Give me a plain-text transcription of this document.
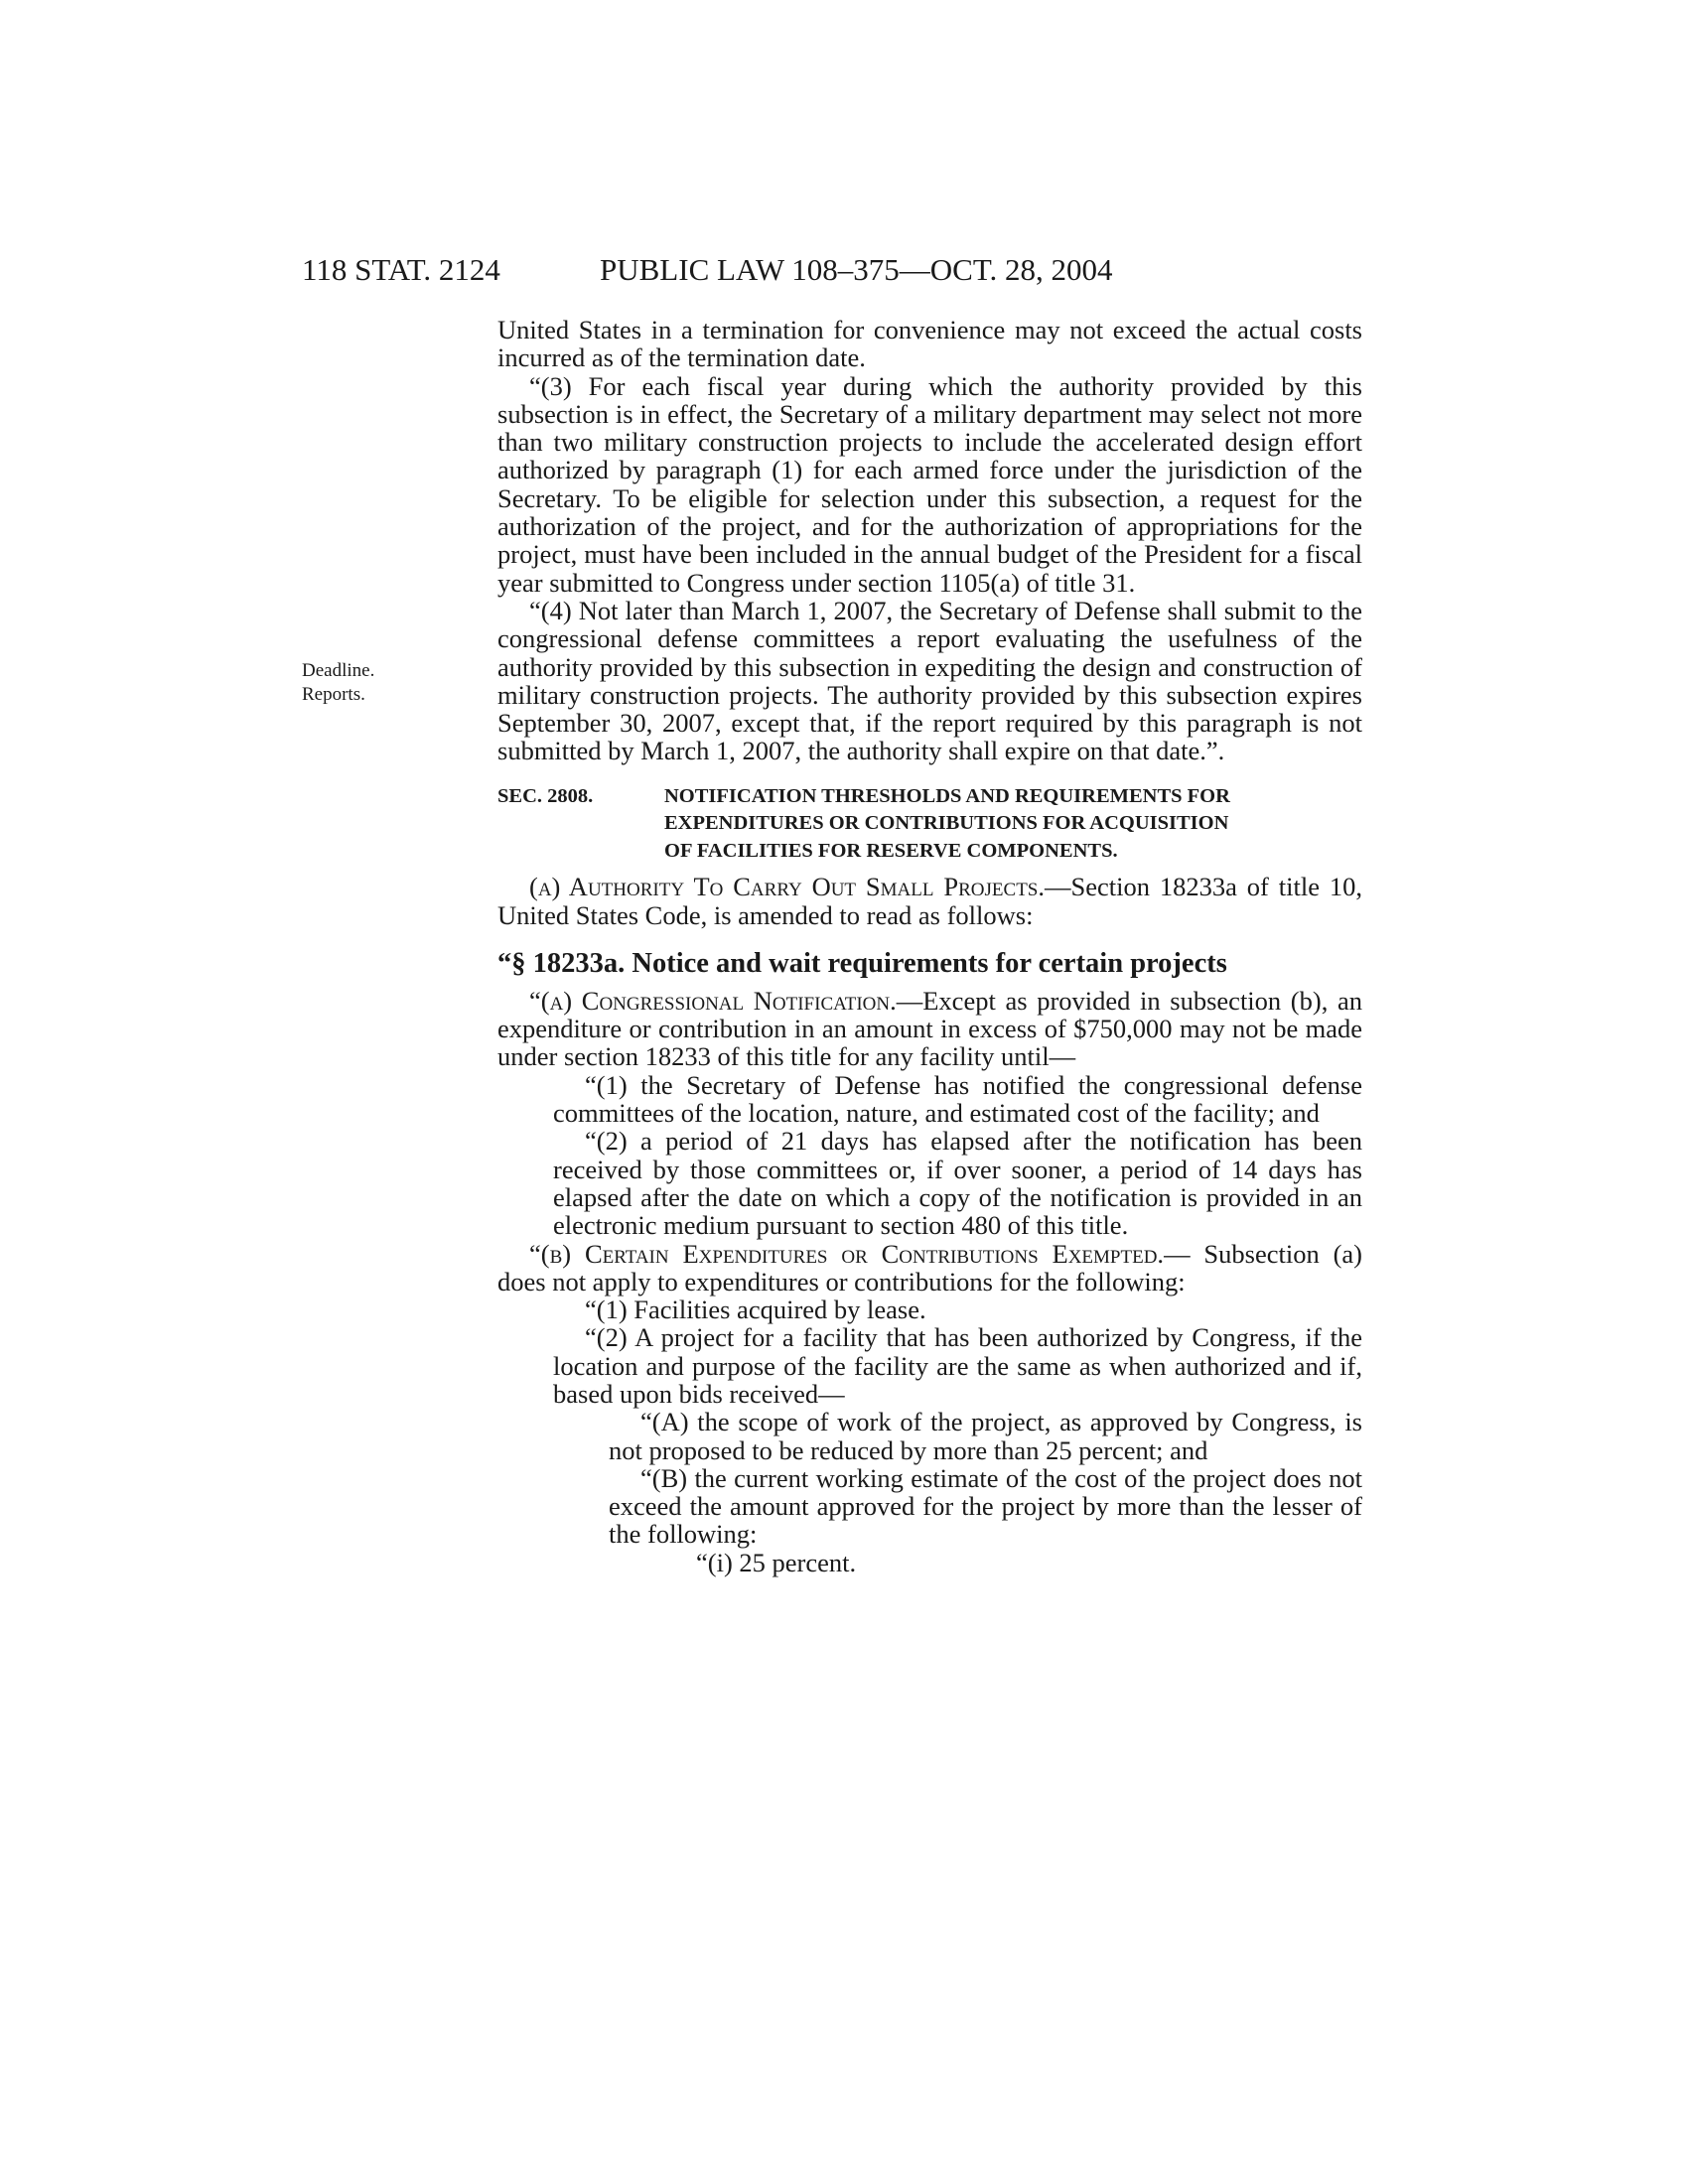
118 STAT. 2124	PUBLIC LAW 108–375—OCT. 28, 2004
Deadline.
Reports.

United States in a termination for convenience may not exceed the actual costs incurred as of the termination date.

“(3) For each fiscal year during which the authority provided by this subsection is in effect, the Secretary of a military department may select not more than two military construction projects to include the accelerated design effort authorized by paragraph (1) for each armed force under the jurisdiction of the Secretary. To be eligible for selection under this subsection, a request for the authorization of the project, and for the authorization of appropriations for the project, must have been included in the annual budget of the President for a fiscal year submitted to Congress under section 1105(a) of title 31.

“(4) Not later than March 1, 2007, the Secretary of Defense shall submit to the congressional defense committees a report evaluating the usefulness of the authority provided by this subsection in expediting the design and construction of military construction projects. The authority provided by this subsection expires September 30, 2007, except that, if the report required by this paragraph is not submitted by March 1, 2007, the authority shall expire on that date.”.

SEC. 2808.	NOTIFICATION THRESHOLDS AND REQUIREMENTS FOR
EXPENDITURES OR CONTRIBUTIONS FOR ACQUISITION
OF FACILITIES FOR RESERVE COMPONENTS.

(a) Authority To Carry Out Small Projects.—Section 18233a of title 10, United States Code, is amended to read as follows:

“§ 18233a. Notice and wait requirements for certain projects

“(a) Congressional Notification.—Except as provided in subsection (b), an expenditure or contribution in an amount in excess of $750,000 may not be made under section 18233 of this title for any facility until—

“(1) the Secretary of Defense has notified the congressional defense committees of the location, nature, and estimated cost of the facility; and

“(2) a period of 21 days has elapsed after the notification has been received by those committees or, if over sooner, a period of 14 days has elapsed after the date on which a copy of the notification is provided in an electronic medium pursuant to section 480 of this title.

“(b) Certain Expenditures or Contributions Exempted.— Subsection (a) does not apply to expenditures or contributions for the following:

“(1) Facilities acquired by lease.

“(2) A project for a facility that has been authorized by Congress, if the location and purpose of the facility are the same as when authorized and if, based upon bids received—

“(A) the scope of work of the project, as approved by Congress, is not proposed to be reduced by more than 25 percent; and

“(B) the current working estimate of the cost of the project does not exceed the amount approved for the project by more than the lesser of the following:

“(i) 25 percent.
